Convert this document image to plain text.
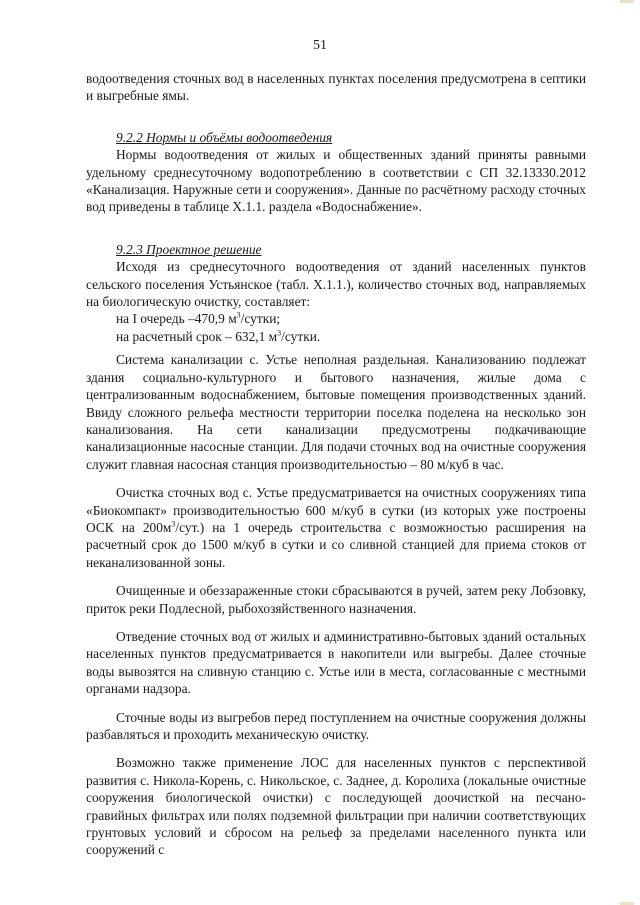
51

водоотведения сточных вод в населенных пунктах поселения предусмотрена в септики и выгребные ямы.

9.2.2 Нормы и объёмы водоотведения

Нормы водоотведения от жилых и общественных зданий приняты равными удельному среднесуточному водопотреблению в соответствии с СП 32.13330.2012 «Канализация. Наружные сети и сооружения». Данные по расчётному расходу сточных вод приведены в таблице Х.1.1. раздела «Водоснабжение».

9.2.3 Проектное решение

Исходя из среднесуточного водоотведения от зданий населенных пунктов сельского поселения Устьянское (табл. Х.1.1.), количество сточных вод, направляемых на биологическую очистку, составляет:

на I очередь –470,9 $м^3$/сутки;

на расчетный срок – 632,1 $м^3$/сутки.

Система канализации с. Устье неполная раздельная. Канализованию подлежат здания социально-культурного и бытового назначения, жилые дома с централизованным водоснабжением, бытовые помещения производственных зданий. Ввиду сложного рельефа местности территории поселка поделена на несколько зон канализования. На сети канализации предусмотрены подкачивающие канализационные насосные станции. Для подачи сточных вод на очистные сооружения служит главная насосная станция производительностью – 80 м/куб в час.

Очистка сточных вод с. Устье предусматривается на очистных сооружениях типа «Биокомпакт» производительностью 600 м/куб в сутки (из которых уже построены ОСК на $200м^3/сут$.) на 1 очередь строительства с возможностью расширения на расчетный срок до 1500 м/куб в сутки и со сливной станцией для приема стоков от неканализованной зоны.

Очищенные и обеззараженные стоки сбрасываются в ручей, затем реку Лобзовку, приток реки Подлесной, рыбохозяйственного назначения.

Отведение сточных вод от жилых и административно-бытовых зданий остальных населенных пунктов предусматривается в накопители или выгребы. Далее сточные воды вывозятся на сливную станцию с. Устье или в места, согласованные с местными органами надзора.

Сточные воды из выгребов перед поступлением на очистные сооружения должны разбавляться и проходить механическую очистку.

Возможно также применение ЛОС для населенных пунктов с перспективой развития с. Никола-Корень, с. Никольское, с. Заднее, д. Королиха (локальные очистные сооружения биологической очистки) с последующей доочисткой на песчано-гравийных фильтрах или полях подземной фильтрации при наличии соответствующих грунтовых условий и сбросом на рельеф за пределами населенного пункта или сооружений с
